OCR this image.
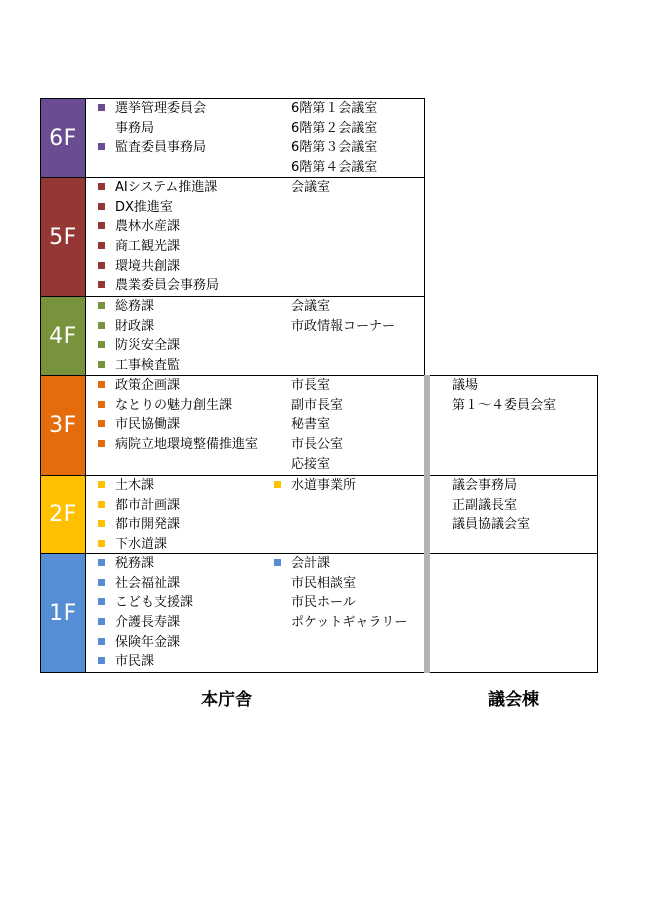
6F
選挙管理委員会
事務局
監査委員事務局
6階第１会議室
6階第２会議室
6階第３会議室
6階第４会議室
5F
AIシステム推進課
DX推進室
農林水産課
商工観光課
環境共創課
農業委員会事務局
会議室
4F
総務課
財政課
防災安全課
工事検査監
会議室
市政情報コーナー
3F
政策企画課
なとりの魅力創生課
市民協働課
病院立地環境整備推進室
市長室
副市長室
秘書室
市長公室
応接室
議場
第１～４委員会室
2F
土木課
都市計画課
都市開発課
下水道課
水道事業所	議会事務局
正副議長室
議員協議会室
1F
税務課
社会福祉課
こども支援課
介護長寿課
保険年金課
市民課
会計課
市民相談室
市民ホール
ポケットギャラリー
本庁舎	議会棟
